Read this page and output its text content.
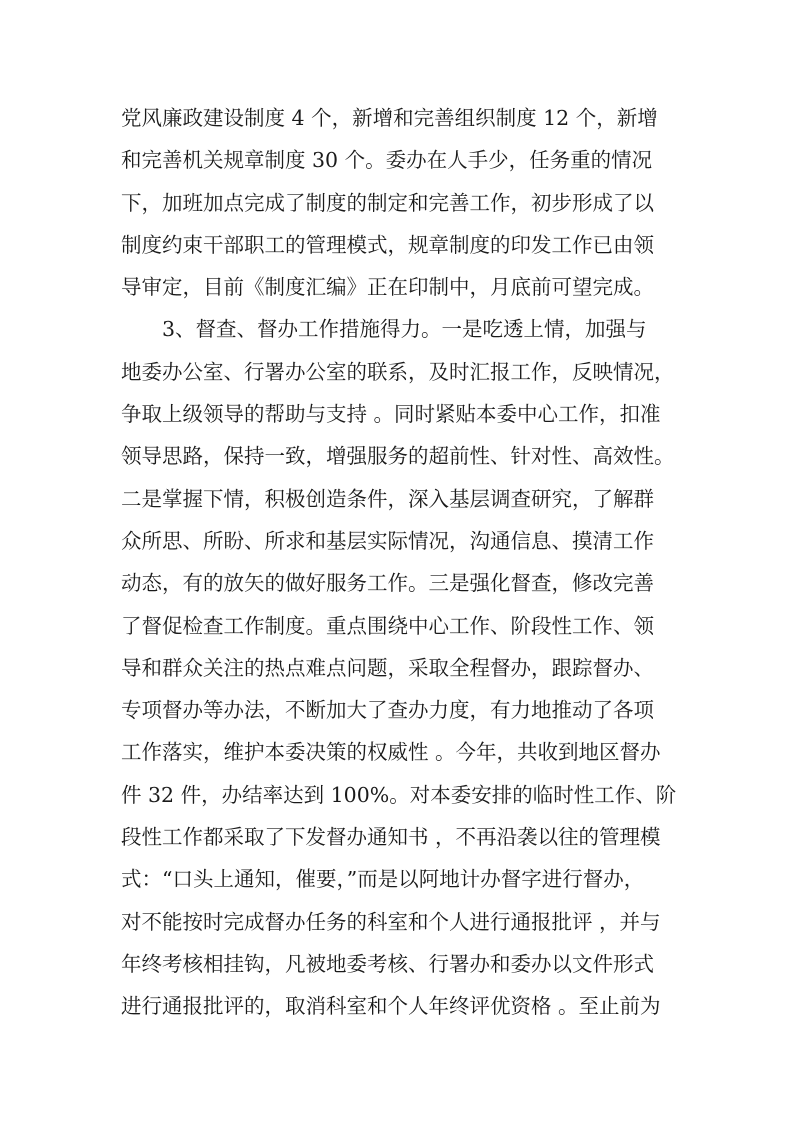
党风廉政建设制度 4 个，新增和完善组织制度 12 个，新增
和完善机关规章制度 30 个。委办在人手少，任务重的情况
下，加班加点完成了制度的制定和完善工作，初步形成了以
制度约束干部职工的管理模式，规章制度的印发工作已由领
导审定，目前《制度汇编》正在印制中，月底前可望完成。
3、督查、督办工作措施得力。一是吃透上情，加强与
地委办公室、行署办公室的联系，及时汇报工作，反映情况，
争取上级领导的帮助与支持 。同时紧贴本委中心工作，扣准
领导思路，保持一致，增强服务的超前性、针对性、高效性。
二是掌握下情，积极创造条件，深入基层调查研究，了解群
众所思、所盼、所求和基层实际情况，沟通信息、摸清工作
动态，有的放矢的做好服务工作。三是强化督查，修改完善
了督促检查工作制度。重点围绕中心工作、阶段性工作、领
导和群众关注的热点难点问题，采取全程督办，跟踪督办、
专项督办等办法，不断加大了查办力度，有力地推动了各项
工作落实，维护本委决策的权威性 。今年，共收到地区督办
件 32 件，办结率达到 100%。对本委安排的临时性工作、阶
段性工作都采取了下发督办通知书 ，不再沿袭以往的管理模
式：“口头上通知，催要，”而是以阿地计办督字进行督办，
对不能按时完成督办任务的科室和个人进行通报批评 ，并与
年终考核相挂钩，凡被地委考核、行署办和委办以文件形式
进行通报批评的，取消科室和个人年终评优资格 。至止前为
